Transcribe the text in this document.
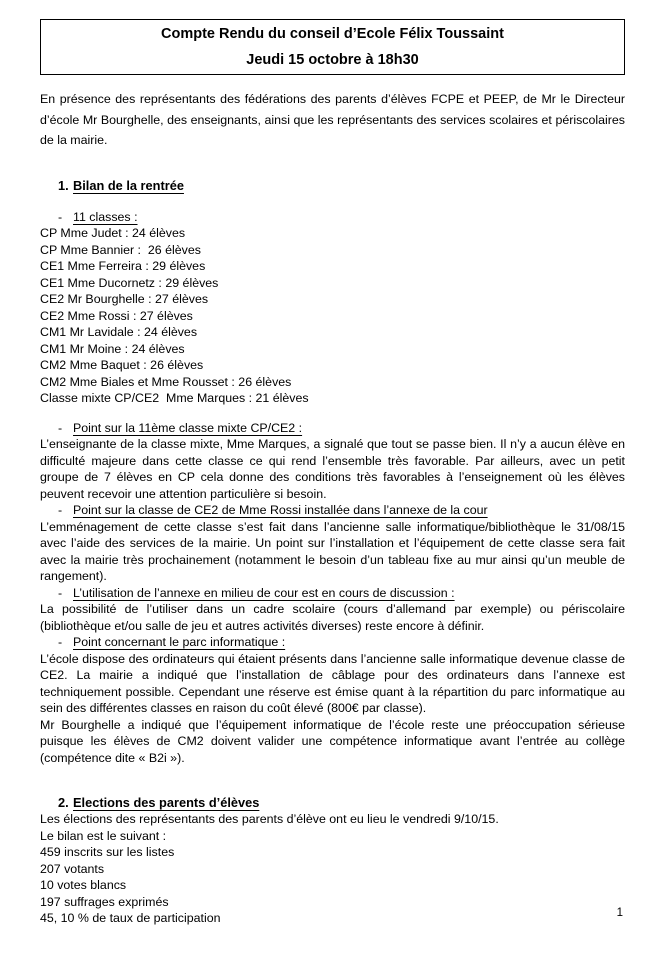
Compte Rendu du conseil d’Ecole Félix Toussaint
Jeudi 15 octobre à 18h30

En présence des représentants des fédérations des parents d’élèves FCPE et PEEP, de Mr le Directeur d’école Mr Bourghelle, des enseignants, ainsi que les représentants des services scolaires et périscolaires de la mairie.

1. Bilan de la rentrée
- 11 classes :
CP Mme Judet : 24 élèves
CP Mme Bannier :  26 élèves
CE1 Mme Ferreira : 29 élèves
CE1 Mme Ducornetz : 29 élèves
CE2 Mr Bourghelle : 27 élèves
CE2 Mme Rossi : 27 élèves
CM1 Mr Lavidale : 24 élèves
CM1 Mr Moine : 24 élèves
CM2 Mme Baquet : 26 élèves
CM2 Mme Biales et Mme Rousset : 26 élèves
Classe mixte CP/CE2  Mme Marques : 21 élèves
- Point sur la 11ème classe mixte CP/CE2 :

L’enseignante de la classe mixte, Mme Marques, a signalé que tout se passe bien. Il n’y a aucun élève en difficulté majeure dans cette classe ce qui rend l’ensemble très favorable. Par ailleurs, avec un petit groupe de 7 élèves en CP cela donne des conditions très favorables à l’enseignement où les élèves peuvent recevoir une attention particulière si besoin.

- Point sur la classe de CE2 de Mme Rossi installée dans l’annexe de la cour

L’emménagement de cette classe s’est fait dans l’ancienne salle informatique/bibliothèque le 31/08/15 avec l’aide des services de la mairie. Un point sur l’installation et l’équipement de cette classe sera fait avec la mairie très prochainement (notamment le besoin d’un tableau fixe au mur ainsi qu’un meuble de rangement).

- L’utilisation de l’annexe en milieu de cour est en cours de discussion :

La possibilité de l’utiliser dans un cadre scolaire (cours d’allemand par exemple) ou périscolaire (bibliothèque et/ou salle de jeu et autres activités diverses) reste encore à définir.

- Point concernant le parc informatique :

L’école dispose des ordinateurs qui étaient présents dans l’ancienne salle informatique devenue classe de CE2. La mairie a indiqué que l’installation de câblage pour des ordinateurs dans l’annexe est techniquement possible. Cependant une réserve est émise quant à la répartition du parc informatique au sein des différentes classes en raison du coût élevé (800€ par classe).

Mr Bourghelle a indiqué que l’équipement informatique de l’école reste une préoccupation sérieuse puisque les élèves de CM2 doivent valider une compétence informatique avant l’entrée au collège (compétence dite « B2i »).

2. Elections des parents d’élèves
Les élections des représentants des parents d’élève ont eu lieu le vendredi 9/10/15.
Le bilan est le suivant :
459 inscrits sur les listes
207 votants
10 votes blancs
197 suffrages exprimés
45, 10 % de taux de participation	1
